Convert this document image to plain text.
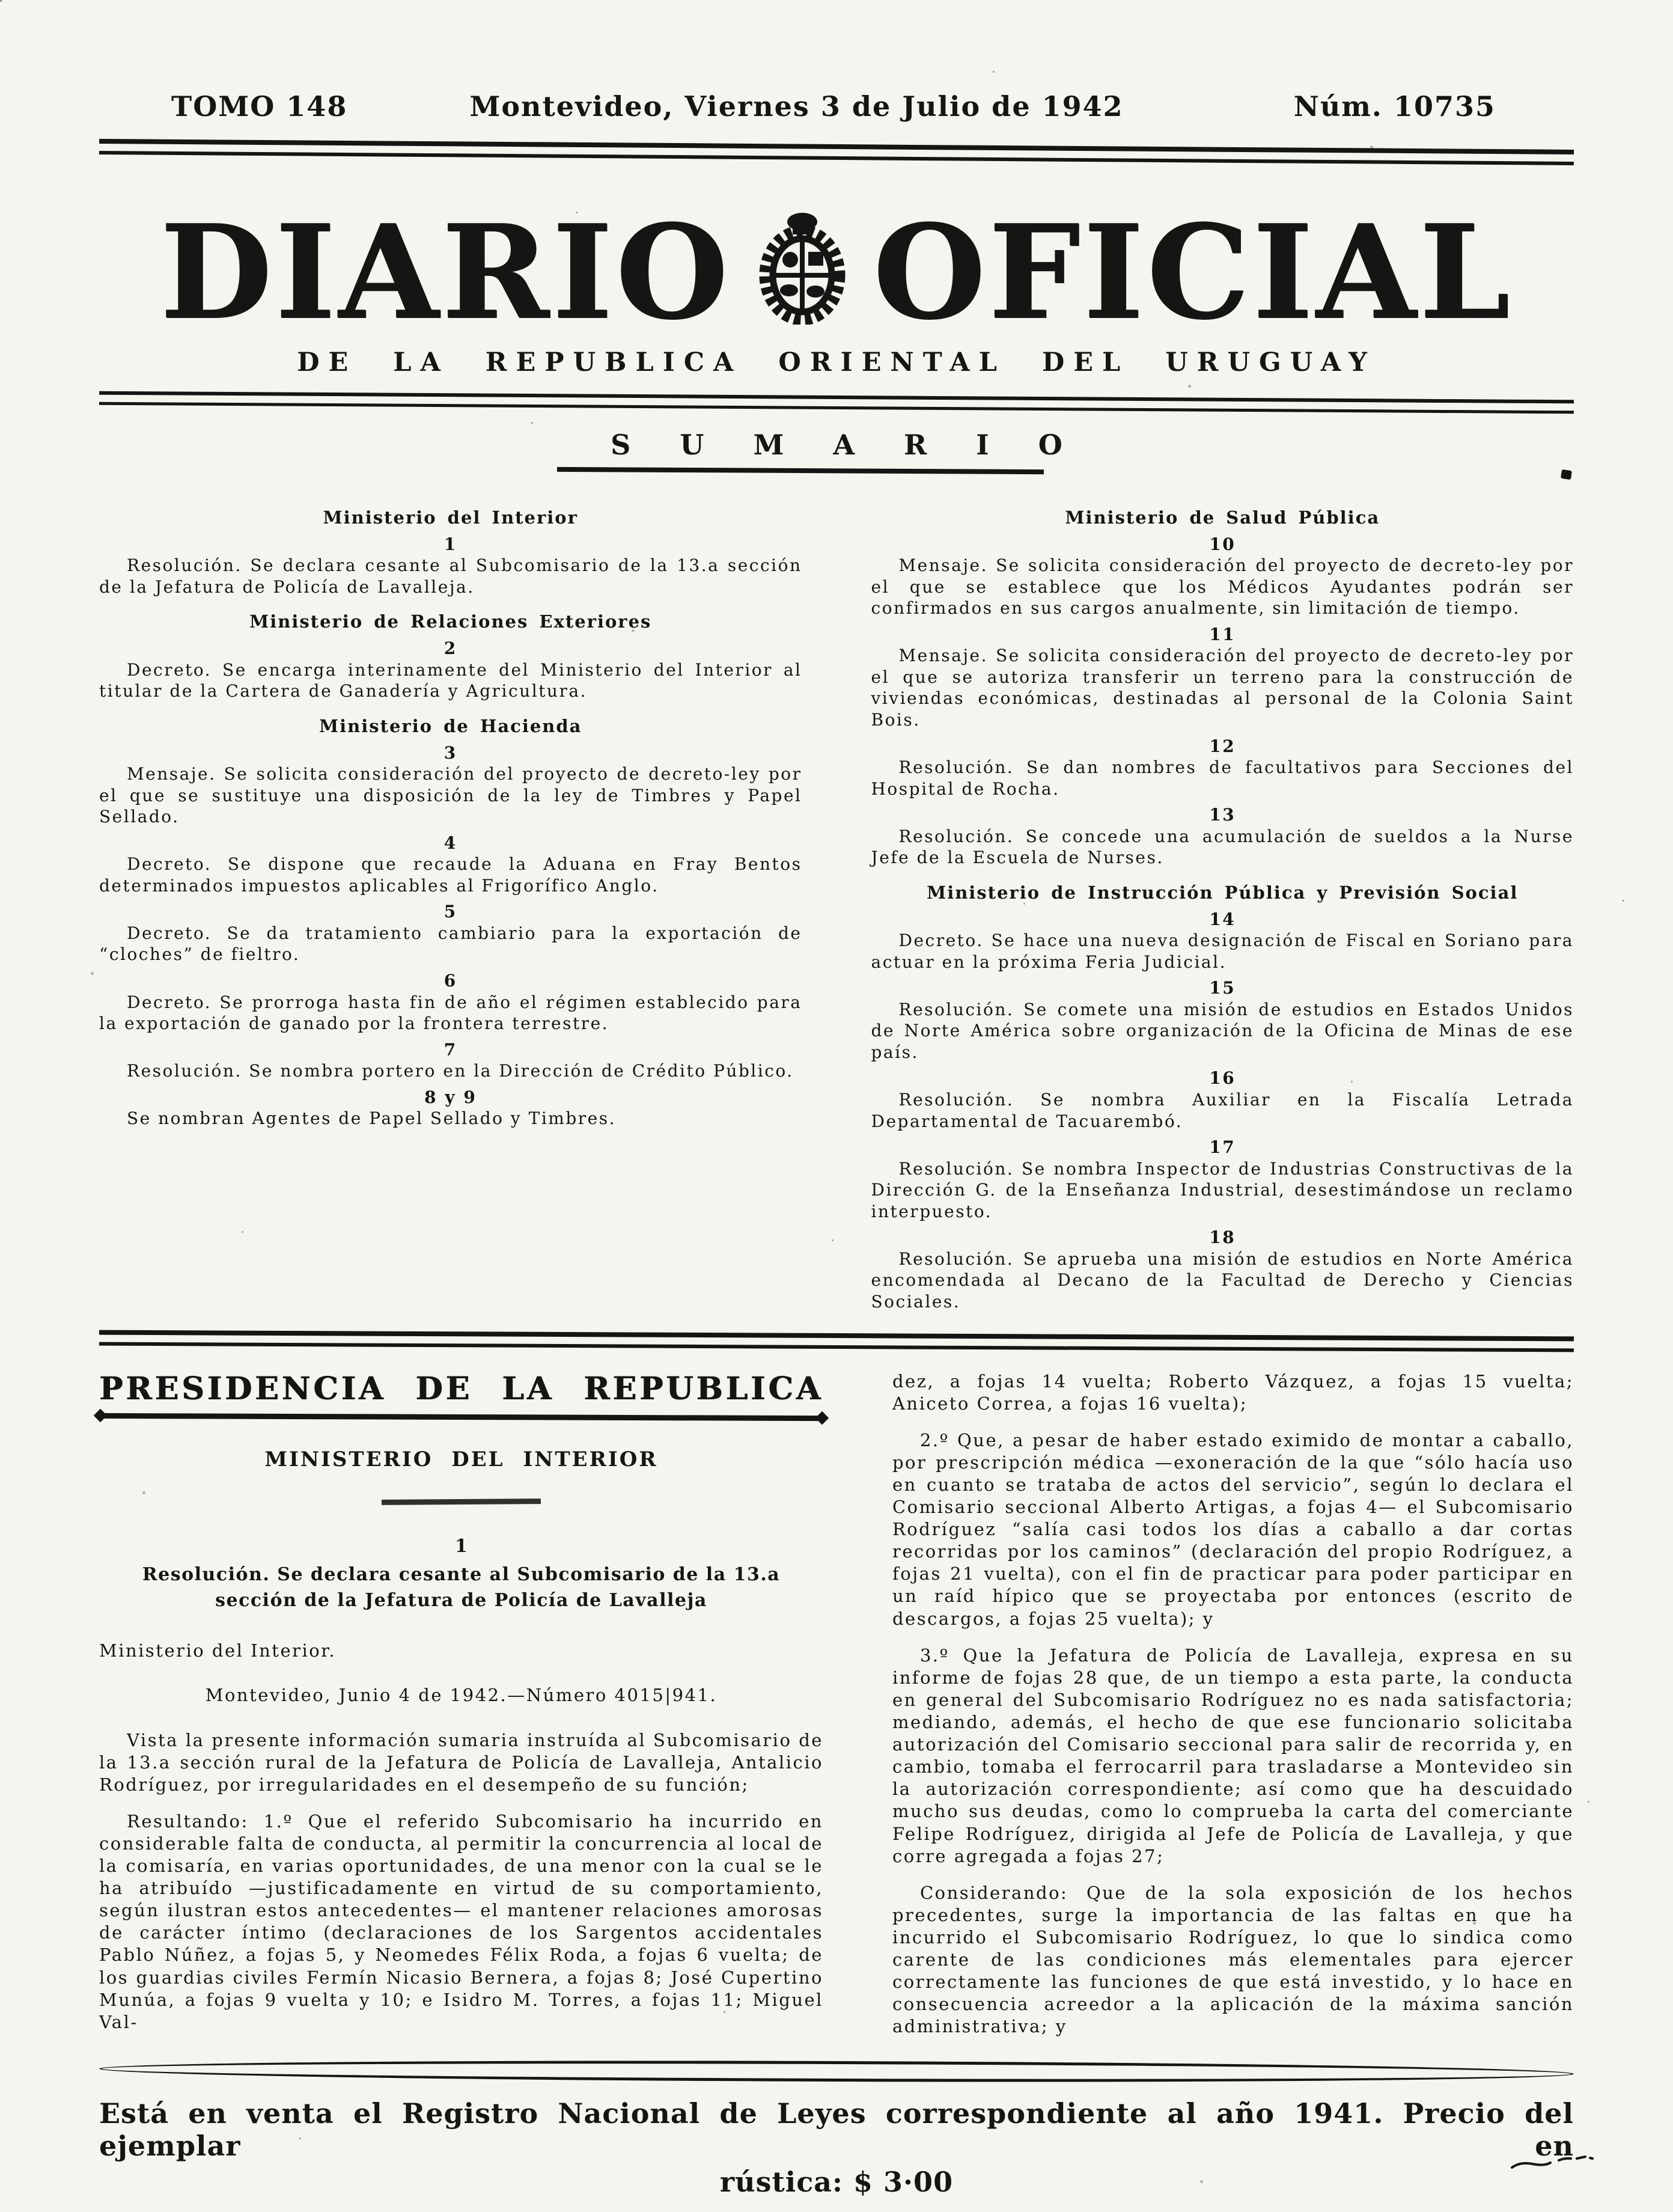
TOMO 148	Montevideo, Viernes 3 de Julio de 1942	Núm. 10735
DIARIO OFICIAL
DE LA REPUBLICA ORIENTAL DEL URUGUAY
SUMARIO
Ministerio del Interior
1

Resolución. Se declara cesante al Subcomisario de la 13.a sección de la Jefatura de Policía de Lavalleja.

Ministerio de Relaciones Exteriores
2

Decreto. Se encarga interinamente del Ministerio del Interior al titular de la Cartera de Ganadería y Agricultura.

Ministerio de Hacienda
3

Mensaje. Se solicita consideración del proyecto de decreto-ley por el que se sustituye una disposición de la ley de Timbres y Papel Sellado.

4

Decreto. Se dispone que recaude la Aduana en Fray Bentos determinados impuestos aplicables al Frigorífico Anglo.

5

Decreto. Se da tratamiento cambiario para la exportación de “cloches” de fieltro.

6

Decreto. Se prorroga hasta fin de año el régimen establecido para la exportación de ganado por la frontera terrestre.

7

Resolución. Se nombra portero en la Dirección de Crédito Público.

8 y 9

Se nombran Agentes de Papel Sellado y Timbres.

Ministerio de Salud Pública
10

Mensaje. Se solicita consideración del proyecto de decreto-ley por el que se establece que los Médicos Ayudantes podrán ser confirmados en sus cargos anualmente, sin limitación de tiempo.

11

Mensaje. Se solicita consideración del proyecto de decreto-ley por el que se autoriza transferir un terreno para la construcción de viviendas económicas, destinadas al personal de la Colonia Saint Bois.

12

Resolución. Se dan nombres de facultativos para Secciones del Hospital de Rocha.

13

Resolución. Se concede una acumulación de sueldos a la Nurse Jefe de la Escuela de Nurses.

Ministerio de Instrucción Pública y Previsión Social
14

Decreto. Se hace una nueva designación de Fiscal en Soriano para actuar en la próxima Feria Judicial.

15

Resolución. Se comete una misión de estudios en Estados Unidos de Norte América sobre organización de la Oficina de Minas de ese país.

16

Resolución. Se nombra Auxiliar en la Fiscalía Letrada Departamental de Tacuarembó.

17

Resolución. Se nombra Inspector de Industrias Constructivas de la Dirección G. de la Enseñanza Industrial, desestimándose un reclamo interpuesto.

18

Resolución. Se aprueba una misión de estudios en Norte América encomendada al Decano de la Facultad de Derecho y Ciencias Sociales.

PRESIDENCIA DE LA REPUBLICA
MINISTERIO DEL INTERIOR
1
Resolución. Se declara cesante al Subcomisario de la 13.a sección de la Jefatura de Policía de Lavalleja

Ministerio del Interior.

Montevideo, Junio 4 de 1942.—Número 4015|941.

Vista la presente información sumaria instruída al Subcomisario de la 13.a sección rural de la Jefatura de Policía de Lavalleja, Antalicio Rodríguez, por irregularidades en el desempeño de su función;

Resultando: 1.º Que el referido Subcomisario ha incurrido en considerable falta de conducta, al permitir la concurrencia al local de la comisaría, en varias oportunidades, de una menor con la cual se le ha atribuído —justificadamente en virtud de su comportamiento, según ilustran estos antecedentes— el mantener relaciones amorosas de carácter íntimo (declaraciones de los Sargentos accidentales Pablo Núñez, a fojas 5, y Neomedes Félix Roda, a fojas 6 vuelta; de los guardias civiles Fermín Nicasio Bernera, a fojas 8; José Cupertino Munúa, a fojas 9 vuelta y 10; e Isidro M. Torres, a fojas 11; Miguel Val-

dez, a fojas 14 vuelta; Roberto Vázquez, a fojas 15 vuelta; Aniceto Correa, a fojas 16 vuelta);

2.º Que, a pesar de haber estado eximido de montar a caballo, por prescripción médica —exoneración de la que “sólo hacía uso en cuanto se trataba de actos del servicio”, según lo declara el Comisario seccional Alberto Artigas, a fojas 4— el Subcomisario Rodríguez “salía casi todos los días a caballo a dar cortas recorridas por los caminos” (declaración del propio Rodríguez, a fojas 21 vuelta), con el fin de practicar para poder participar en un raíd hípico que se proyectaba por entonces (escrito de descargos, a fojas 25 vuelta); y

3.º Que la Jefatura de Policía de Lavalleja, expresa en su informe de fojas 28 que, de un tiempo a esta parte, la conducta en general del Subcomisario Rodríguez no es nada satisfactoria; mediando, además, el hecho de que ese funcionario solicitaba autorización del Comisario seccional para salir de recorrida y, en cambio, tomaba el ferrocarril para trasladarse a Montevideo sin la autorización correspondiente; así como que ha descuidado mucho sus deudas, como lo comprueba la carta del comerciante Felipe Rodríguez, dirigida al Jefe de Policía de Lavalleja, y que corre agregada a fojas 27;

Considerando: Que de la sola exposición de los hechos precedentes, surge la importancia de las faltas en que ha incurrido el Subcomisario Rodríguez, lo que lo sindica como carente de las condiciones más elementales para ejercer correctamente las funciones de que está investido, y lo hace en consecuencia acreedor a la aplicación de la máxima sanción administrativa; y

Está en venta el Registro Nacional de Leyes correspondiente al año 1941. Precio del ejemplar en
rústica: $ 3·00
